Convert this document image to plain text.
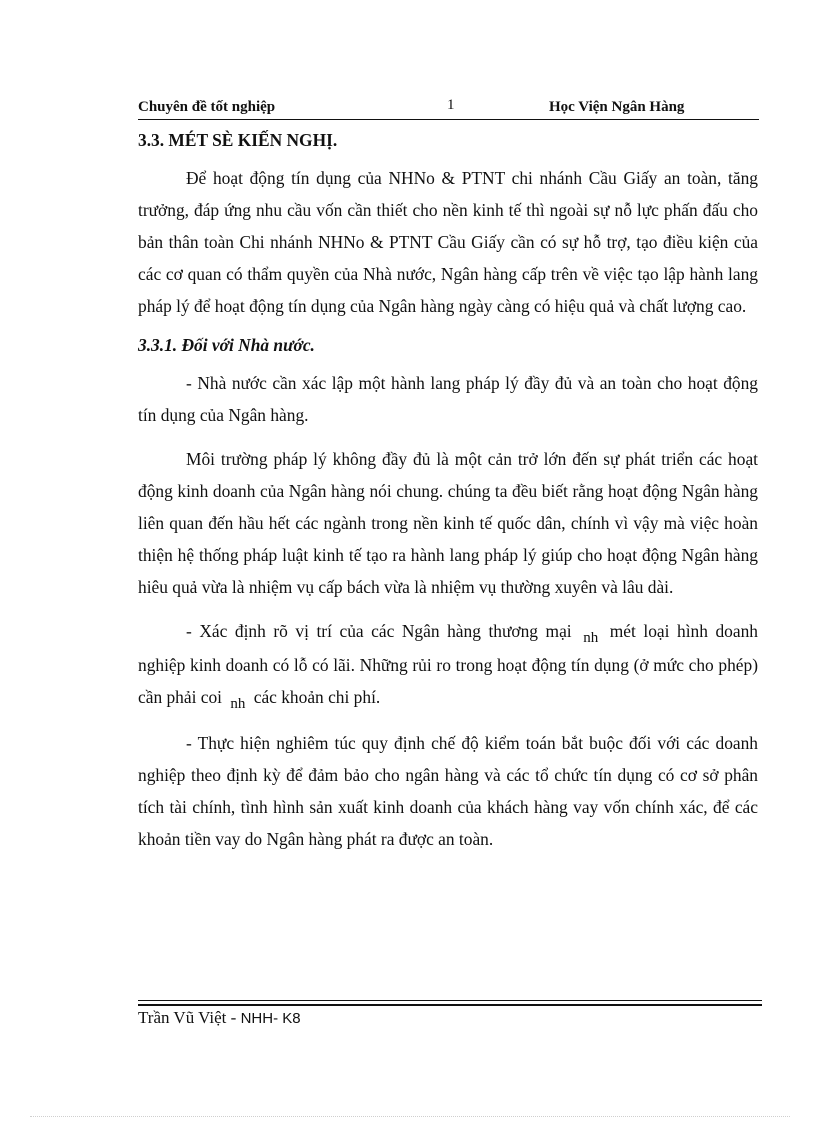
Chuyên đề tốt nghiệp	1	Học Viện Ngân Hàng
3.3. MÉT SÈ KIẾN NGHỊ.

Để hoạt động tín dụng của NHNo & PTNT chi nhánh Cầu Giấy an toàn, tăng trưởng, đáp ứng nhu cầu vốn cần thiết cho nền kinh tế thì ngoài sự nỗ lực phấn đấu cho bản thân toàn Chi nhánh NHNo & PTNT Cầu Giấy cần có sự hỗ trợ, tạo điều kiện của các cơ quan có thẩm quyền của Nhà nước, Ngân hàng cấp trên về việc tạo lập hành lang pháp lý để hoạt động tín dụng của Ngân hàng ngày càng có hiệu quả và chất lượng cao.

3.3.1. Đối với Nhà nước.

- Nhà nước cần xác lập một hành lang pháp lý đầy đủ và an toàn cho hoạt động tín dụng của Ngân hàng.

Môi trường pháp lý không đầy đủ là một cản trở lớn đến sự phát triển các hoạt động kinh doanh của Ngân hàng nói chung. chúng ta đều biết rằng hoạt động Ngân hàng liên quan đến hầu hết các ngành trong nền kinh tế quốc dân, chính vì vậy mà việc hoàn thiện hệ thống pháp luật kinh tế tạo ra hành lang pháp lý giúp cho hoạt động Ngân hàng hiêu quả vừa là nhiệm vụ cấp bách vừa là nhiệm vụ thường xuyên và lâu dài.

- Xác định rõ vị trí của các Ngân hàng thương mại nh mét loại hình doanh nghiệp kinh doanh có lỗ có lãi. Những rủi ro trong hoạt động tín dụng (ở mức cho phép) cần phải coi nh các khoản chi phí.

- Thực hiện nghiêm túc quy định chế độ kiểm toán bắt buộc đối với các doanh nghiệp theo định kỳ để đảm bảo cho ngân hàng và các tổ chức tín dụng có cơ sở phân tích tài chính, tình hình sản xuất kinh doanh của khách hàng vay vốn chính xác, để các khoản tiền vay do Ngân hàng phát ra được an toàn.

Trần Vũ Việt - NHH- K8
